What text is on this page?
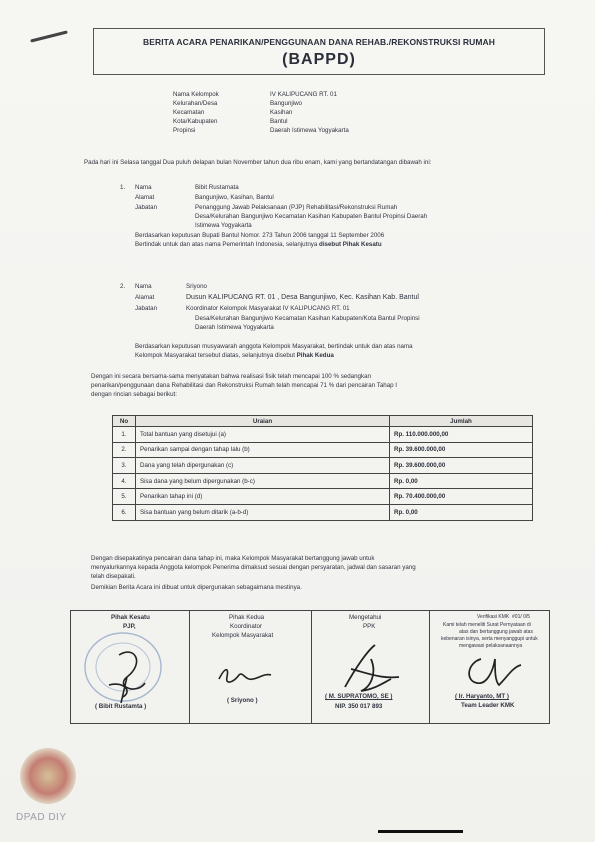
BERITA ACARA PENARIKAN/PENGGUNAAN DANA REHAB./REKONSTRUKSI RUMAH
(BAPPD)
Nama Kelompok	IV KALIPUCANG RT. 01
Kelurahan/Desa	Bangunjiwo
Kecamatan	Kasihan
Kota/Kabupaten	Bantul
Propinsi	Daerah Istimewa Yogyakarta
Pada hari ini Selasa tanggal Dua puluh delapan bulan November tahun dua ribu enam, kami yang bertandatangan dibawah ini:
1. Nama	Bibit Rustamata
Alamat	Bangunjiwo, Kasihan, Bantul
Jabatan	Penanggung Jawab Pelaksanaan (PJP) Rehabilitasi/Rekonstruksi Rumah
Desa/Kelurahan Bangunjiwo Kecamatan Kasihan Kabupaten Bantul Propinsi Daerah
Istimewa Yogyakarta
Berdasarkan keputusan Bupati Bantul Nomor. 273 Tahun 2006 tanggal 11 September 2006
Bertindak untuk dan atas nama Pemerintah Indonesia, selanjutnya disebut Pihak Kesatu
2. Nama	Sriyono
Alamat	Dusun KALIPUCANG RT. 01 , Desa Bangunjiwo, Kec. Kasihan Kab. Bantul
Jabatan	Koordinator Kelompok Masyarakat IV KALIPUCANG RT. 01
Desa/Kelurahan Bangunjiwo Kecamatan Kasihan Kabupaten/Kota Bantul Propinsi
Daerah Istimewa Yogyakarta
Berdasarkan keputusan musyawarah anggota Kelompok Masyarakat, bertindak untuk dan atas nama
Kelompok Masyarakat tersebut diatas, selanjutnya disebut Pihak Kedua
Dengan ini secara bersama-sama menyatakan bahwa realisasi fisik telah mencapai 100 % sedangkan
penarikan/penggunaan dana Rehabilitasi dan Rekonstruksi Rumah telah mencapai 71 % dari pencairan Tahap I
dengan rincian sebagai berikut:
No	Uraian	Jumlah
1.	Total bantuan yang disetujui (a)	Rp. 110.000.000,00
2.	Penarikan sampai dengan tahap lalu (b)	Rp. 39.600.000,00
3.	Dana yang telah dipergunakan (c)	Rp. 39.600.000,00
4.	Sisa dana yang belum dipergunakan (b-c)	Rp. 0,00
5.	Penarikan tahap ini (d)	Rp. 70.400.000,00
6.	Sisa bantuan yang belum ditarik (a-b-d)	Rp. 0,00
Dengan disepakatinya pencairan dana tahap ini, maka Kelompok Masyarakat bertanggung jawab untuk
menyalurkannya kepada Anggota kelompok Penerima dimaksud sesuai dengan persyaratan, jadwal dan sasaran yang
telah disepakati.
Demikian Berita Acara ini dibuat untuk dipergunakan sebagaimana mestinya.
Pihak Kesatu
PJP,
( Bibit Rustamta )
Pihak Kedua
Koordinator
Kelompok Masyarakat
( Sriyono )
Mengetahui
PPK
( M. SUPRATOMO, SE )
NIP. 350 017 893
Verifikasi KMK  #01/ 0/5
Kami telah meneliti Surat Pernyataan di
atas dan bertanggung jawab atas
kebenaran isinya, serta menyanggupi untuk
mengawasi pelaksanaannya
( Ir. Haryanto, MT )
Team Leader KMK
DPAD DIY
